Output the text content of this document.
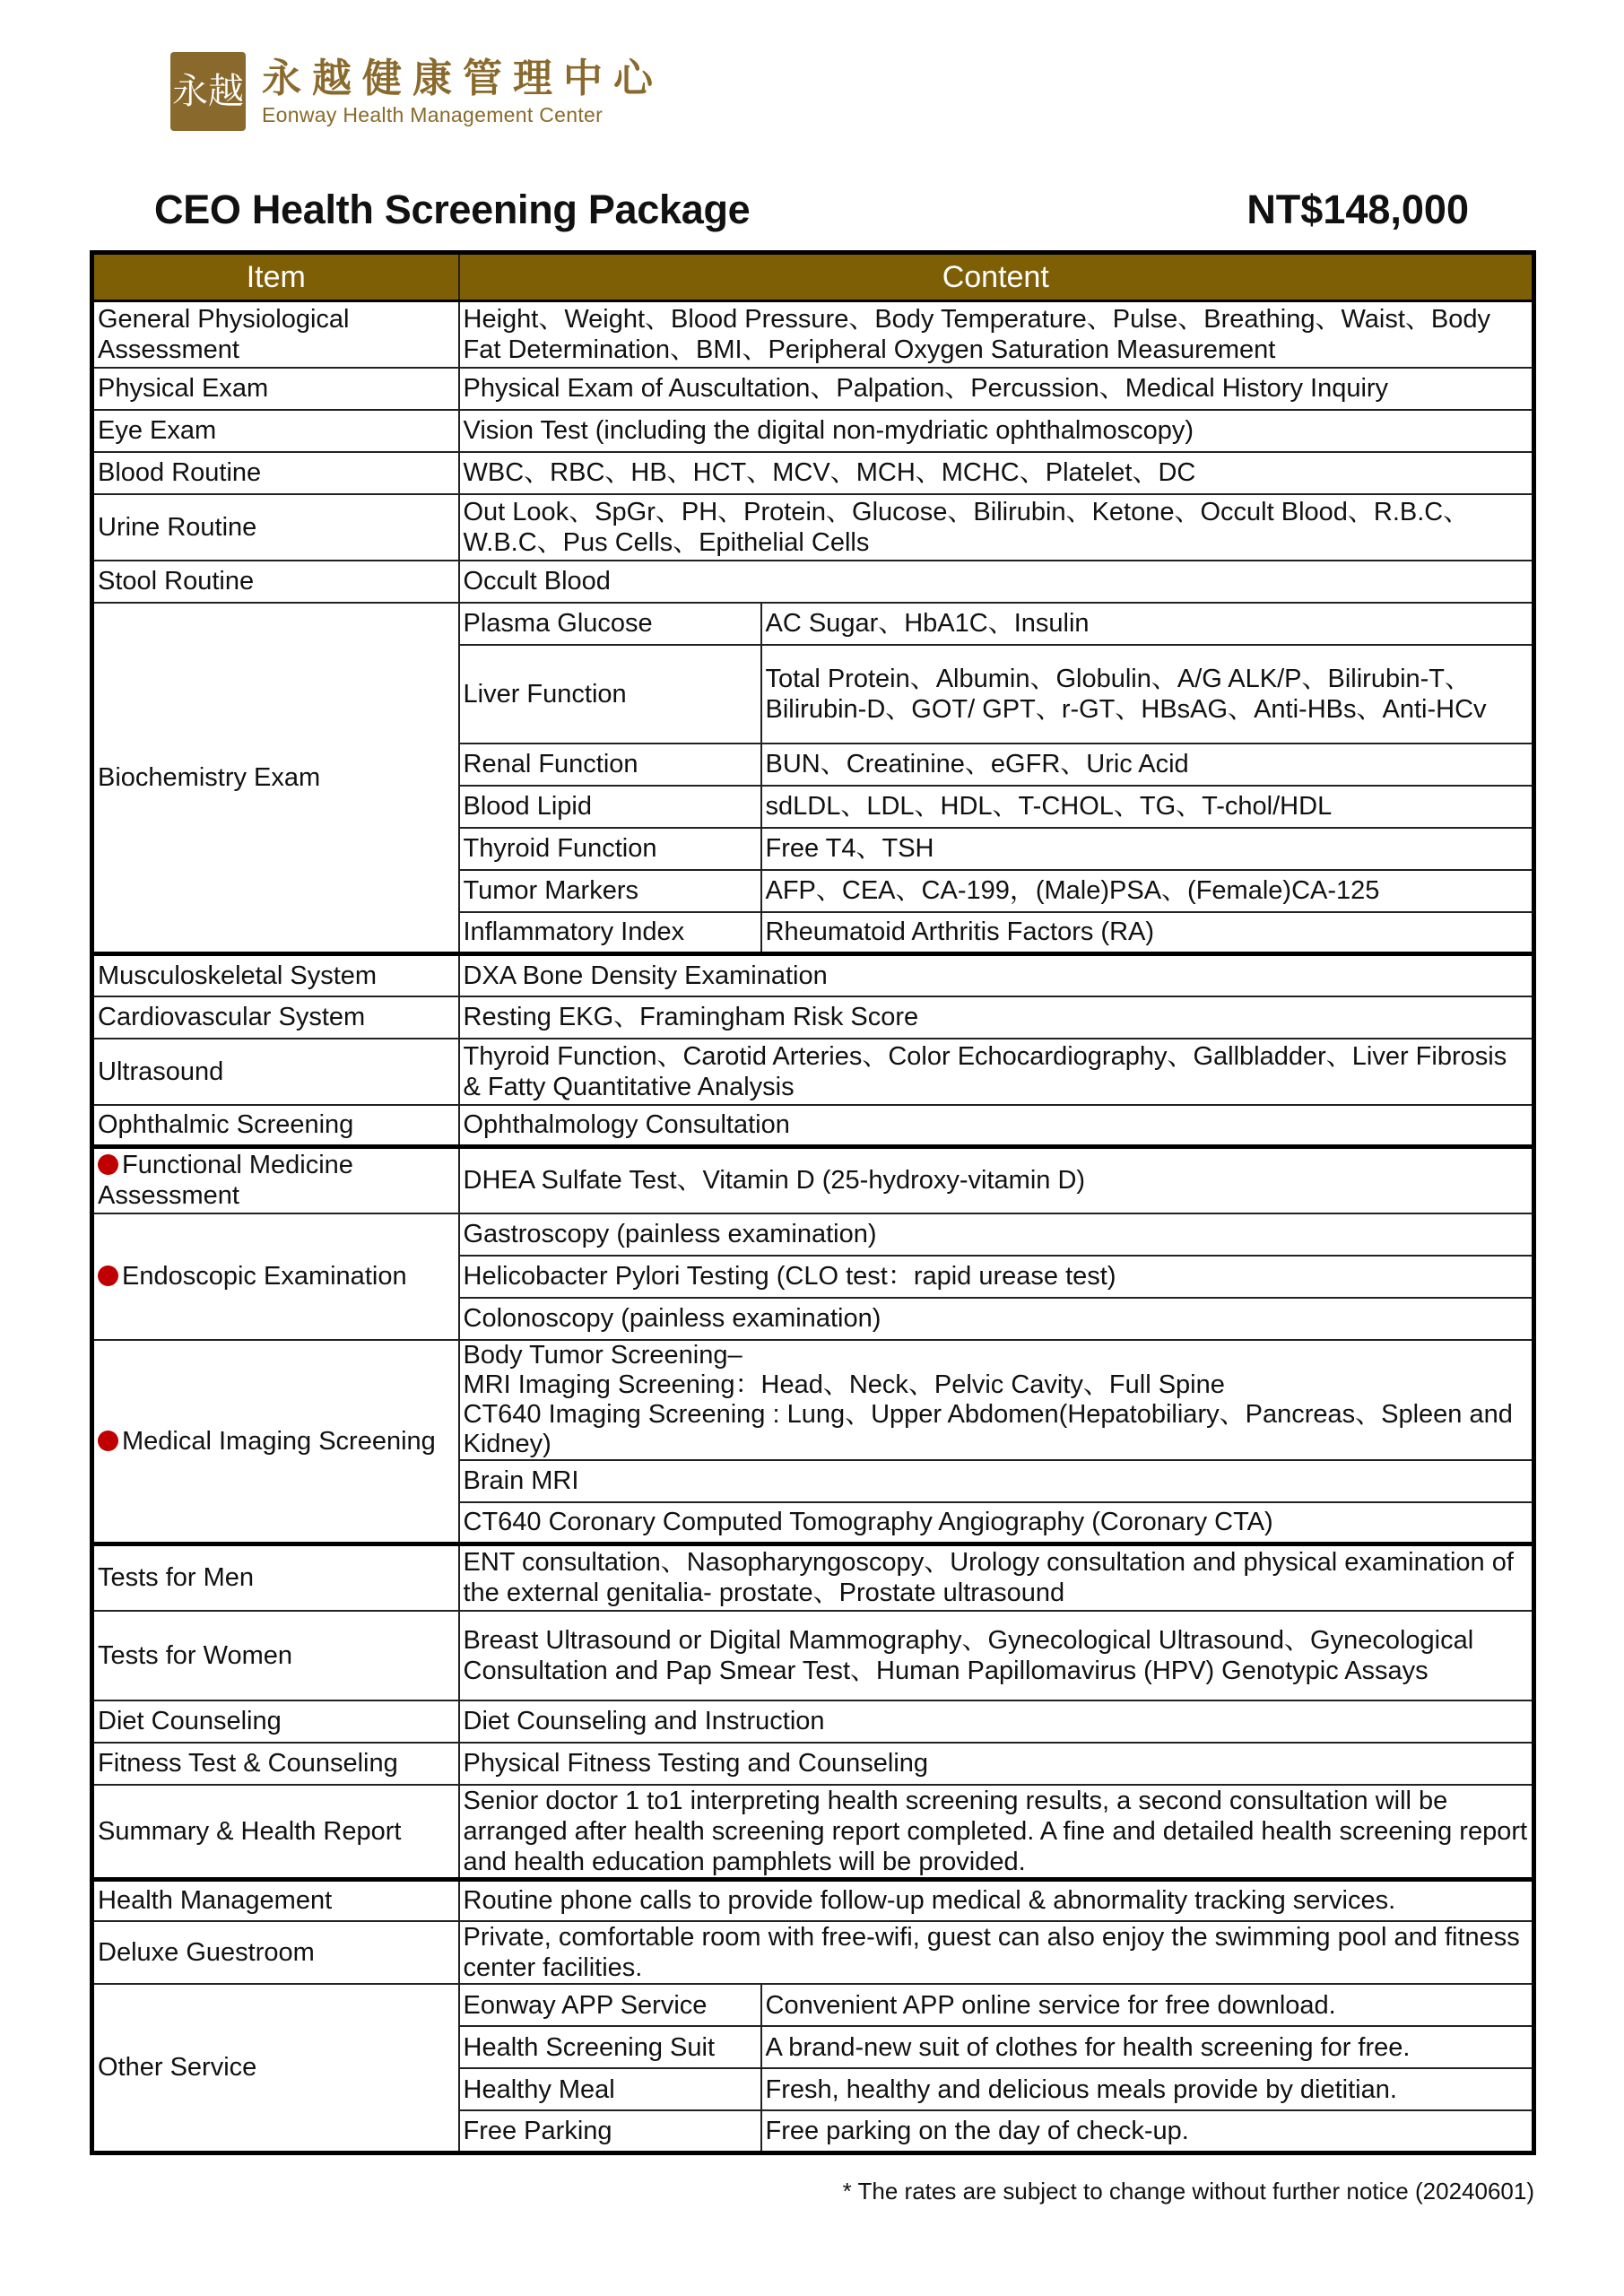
永越 永越健康管理中心
Eonway Health Management Center
CEO Health Screening Package	NT$148,000
Item	Content	
General Physiological Assessment	Height、Weight、Blood Pressure、Body Temperature、Pulse、Breathing、Waist、Body Fat Determination、BMI、Peripheral Oxygen Saturation Measurement	
Physical Exam	Physical Exam of Auscultation、Palpation、Percussion、Medical History Inquiry	
Eye Exam	Vision Test (including the digital non-mydriatic ophthalmoscopy)	
Blood Routine	WBC、RBC、HB、HCT、MCV、MCH、MCHC、Platelet、DC	
Urine Routine	Out Look、SpGr、PH、Protein、Glucose、Bilirubin、Ketone、Occult Blood、R.B.C、W.B.C、Pus Cells、Epithelial Cells	
Stool Routine	Occult Blood	
Biochemistry Exam	Plasma Glucose	AC Sugar、HbA1C、Insulin
	Liver Function	Total Protein、Albumin、Globulin、A/G ALK/P、Bilirubin-T、Bilirubin-D、GOT/ GPT、r-GT、HBsAG、Anti-HBs、Anti-HCv
	Renal Function	BUN、Creatinine、eGFR、Uric Acid
	Blood Lipid	sdLDL、LDL、HDL、T-CHOL、TG、T-chol/HDL
	Thyroid Function	Free T4、TSH
	Tumor Markers	AFP、CEA、CA-199，(Male)PSA、(Female)CA-125
	Inflammatory Index	Rheumatoid Arthritis Factors (RA)
Musculoskeletal System	DXA Bone Density Examination	
Cardiovascular System	Resting EKG、Framingham Risk Score	
Ultrasound	Thyroid Function、Carotid Arteries、Color Echocardiography、Gallbladder、Liver Fibrosis & Fatty Quantitative Analysis	
Ophthalmic Screening	Ophthalmology Consultation	
Functional Medicine Assessment	DHEA Sulfate Test、Vitamin D (25-hydroxy-vitamin D)	
Endoscopic Examination	Gastroscopy (painless examination)	
	Helicobacter Pylori Testing (CLO test：rapid urease test)	
	Colonoscopy (painless examination)	
Medical Imaging Screening	Body Tumor Screening–
MRI Imaging Screening：Head、Neck、Pelvic Cavity、Full Spine
CT640 Imaging Screening : Lung、Upper Abdomen(Hepatobiliary、Pancreas、Spleen and Kidney)	

	Brain MRI	
	CT640 Coronary Computed Tomography Angiography (Coronary CTA)	
Tests for Men	ENT consultation、Nasopharyngoscopy、Urology consultation and physical examination of the external genitalia- prostate、Prostate ultrasound	
Tests for Women	Breast Ultrasound or Digital Mammography、Gynecological Ultrasound、Gynecological Consultation and Pap Smear Test、Human Papillomavirus (HPV) Genotypic Assays	
Diet Counseling	Diet Counseling and Instruction	
Fitness Test & Counseling	Physical Fitness Testing and Counseling	
Summary & Health Report	Senior doctor 1 to1 interpreting health screening results, a second consultation will be arranged after health screening report completed. A fine and detailed health screening report and health education pamphlets will be provided.	
Health Management	Routine phone calls to provide follow-up medical & abnormality tracking services.	
Deluxe Guestroom	Private, comfortable room with free-wifi, guest can also enjoy the swimming pool and fitness center facilities.	
Other Service	Eonway APP Service	Convenient APP online service for free download.
	Health Screening Suit	A brand-new suit of clothes for health screening for free.
	Healthy Meal	Fresh, healthy and delicious meals provide by dietitian.
	Free Parking	Free parking on the day of check-up.
* The rates are subject to change without further notice (20240601)
